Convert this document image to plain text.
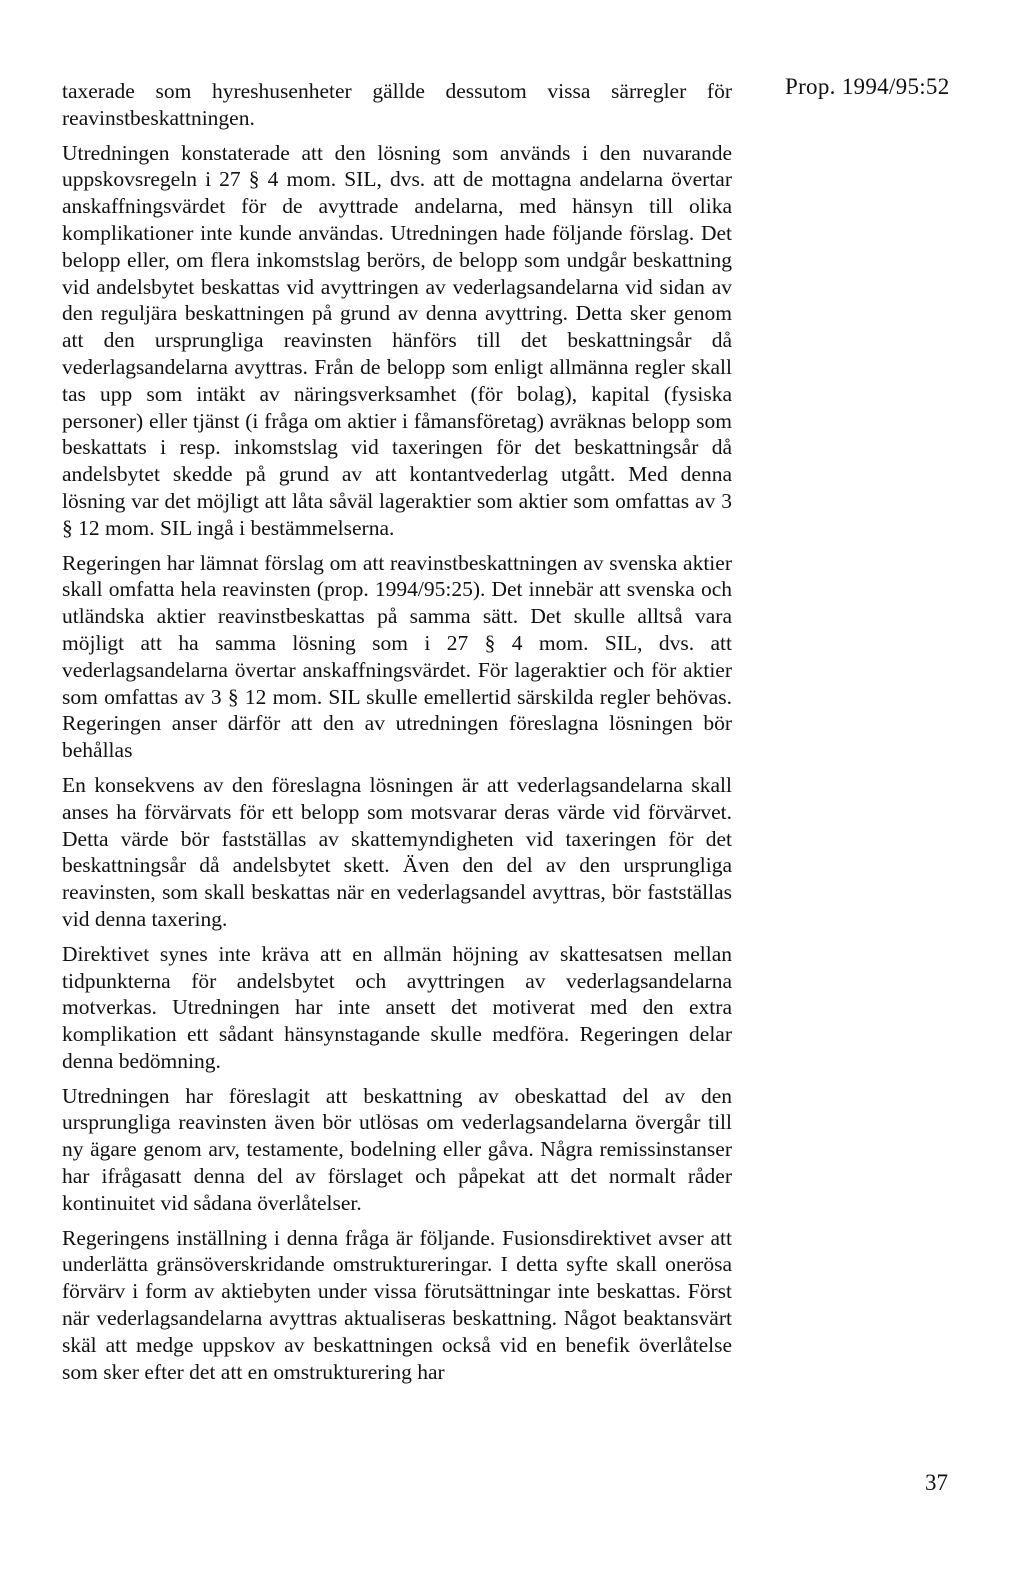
Prop. 1994/95:52

taxerade som hyreshusenheter gällde dessutom vissa särregler för reavinstbeskattningen.

Utredningen konstaterade att den lösning som används i den nuvarande uppskovsregeln i 27 § 4 mom. SIL, dvs. att de mottagna andelarna övertar anskaffningsvärdet för de avyttrade andelarna, med hänsyn till olika komplikationer inte kunde användas. Utredningen hade följande förslag. Det belopp eller, om flera inkomstslag berörs, de belopp som undgår beskattning vid andelsbytet beskattas vid avyttringen av vederlagsandelarna vid sidan av den reguljära beskattningen på grund av denna avyttring. Detta sker genom att den ursprungliga reavinsten hänförs till det beskattningsår då vederlagsandelarna avyttras. Från de belopp som enligt allmänna regler skall tas upp som intäkt av näringsverksamhet (för bolag), kapital (fysiska personer) eller tjänst (i fråga om aktier i fåmansföretag) avräknas belopp som beskattats i resp. inkomstslag vid taxeringen för det beskattningsår då andelsbytet skedde på grund av att kontantvederlag utgått. Med denna lösning var det möjligt att låta såväl lageraktier som aktier som omfattas av 3 § 12 mom. SIL ingå i bestämmelserna.

Regeringen har lämnat förslag om att reavinstbeskattningen av svenska aktier skall omfatta hela reavinsten (prop. 1994/95:25). Det innebär att svenska och utländska aktier reavinstbeskattas på samma sätt. Det skulle alltså vara möjligt att ha samma lösning som i 27 § 4 mom. SIL, dvs. att vederlagsandelarna övertar anskaffningsvärdet. För lageraktier och för aktier som omfattas av 3 § 12 mom. SIL skulle emellertid särskilda regler behövas. Regeringen anser därför att den av utredningen föreslagna lösningen bör behållas

En konsekvens av den föreslagna lösningen är att vederlagsandelarna skall anses ha förvärvats för ett belopp som motsvarar deras värde vid förvärvet. Detta värde bör fastställas av skattemyndigheten vid taxeringen för det beskattningsår då andelsbytet skett. Även den del av den ursprungliga reavinsten, som skall beskattas när en vederlagsandel avyttras, bör fastställas vid denna taxering.

Direktivet synes inte kräva att en allmän höjning av skattesatsen mellan tidpunkterna för andelsbytet och avyttringen av vederlagsandelarna motverkas. Utredningen har inte ansett det motiverat med den extra komplikation ett sådant hänsynstagande skulle medföra. Regeringen delar denna bedömning.

Utredningen har föreslagit att beskattning av obeskattad del av den ursprungliga reavinsten även bör utlösas om vederlagsandelarna övergår till ny ägare genom arv, testamente, bodelning eller gåva. Några remissinstanser har ifrågasatt denna del av förslaget och påpekat att det normalt råder kontinuitet vid sådana överlåtelser.

Regeringens inställning i denna fråga är följande. Fusionsdirektivet avser att underlätta gränsöverskridande omstruktureringar. I detta syfte skall onerösa förvärv i form av aktiebyten under vissa förutsättningar inte beskattas. Först när vederlagsandelarna avyttras aktualiseras beskattning. Något beaktansvärt skäl att medge uppskov av beskattningen också vid en benefik överlåtelse som sker efter det att en omstrukturering har

37
